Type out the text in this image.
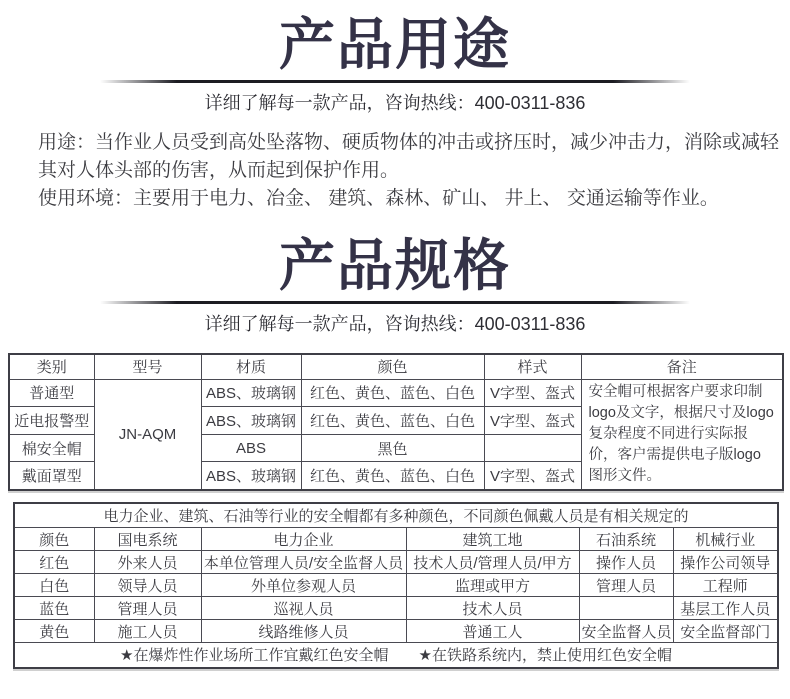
产品用途
详细了解每一款产品，咨询热线：400-0311-836
用途：当作业人员受到高处坠落物、硬质物体的冲击或挤压时，减少冲击力，消除或减轻其对人体头部的伤害，从而起到保护作用。
使用环境：主要用于电力、冶金、 建筑、森林、矿山、 井上、 交通运输等作业。
产品规格
详细了解每一款产品，咨询热线：400-0311-836
类别	型号	材质	颜色	样式	备注
普通型	JN-AQM	ABS、玻璃钢	红色、黄色、蓝色、白色	V字型、盔式	安全帽可根据客户要求印制logo及文字，根据尺寸及logo复杂程度不同进行实际报价，客户需提供电子版logo图形文件。
近电报警型		ABS、玻璃钢	红色、黄色、蓝色、白色	V字型、盔式	
棉安全帽		ABS	黑色		
戴面罩型		ABS、玻璃钢	红色、黄色、蓝色、白色	V字型、盔式	
电力企业、建筑、石油等行业的安全帽都有多种颜色，不同颜色佩戴人员是有相关规定的					
颜色	国电系统	电力企业	建筑工地	石油系统	机械行业
红色	外来人员	本单位管理人员/安全监督人员	技术人员/管理人员/甲方	操作人员	操作公司领导
白色	领导人员	外单位参观人员	监理或甲方	管理人员	工程师
蓝色	管理人员	巡视人员	技术人员		基层工作人员
黄色	施工人员	线路维修人员	普通工人	安全监督人员	安全监督部门
★在爆炸性作业场所工作宜戴红色安全帽　　★在铁路系统内，禁止使用红色安全帽					
